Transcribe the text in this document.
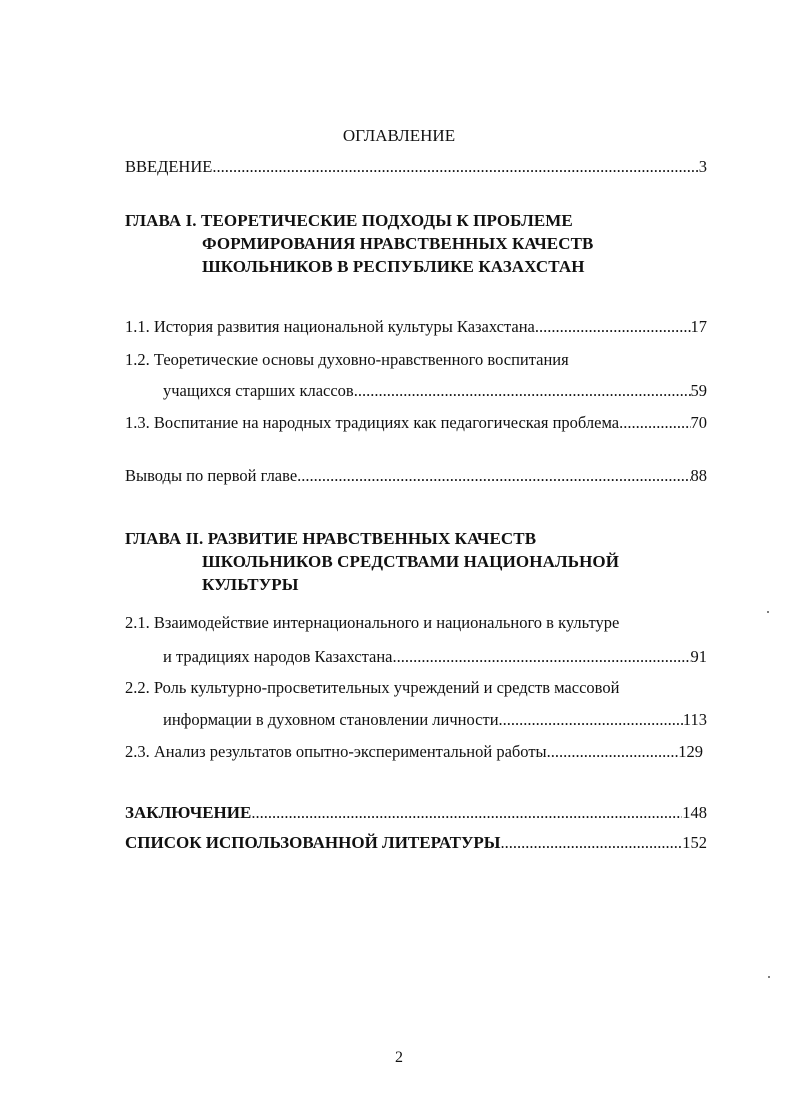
ОГЛАВЛЕНИЕ
ВВЕДЕНИЕ .....	3
ГЛАВА I. ТЕОРЕТИЧЕСКИЕ ПОДХОДЫ К ПРОБЛЕМЕ
ФОРМИРОВАНИЯ НРАВСТВЕННЫХ КАЧЕСТВ
ШКОЛЬНИКОВ В РЕСПУБЛИКЕ КАЗАХСТАН
1.1. История развития национальной культуры Казахстана .....	17
1.2. Теоретические основы духовно-нравственного воспитания
учащихся старших классов .....	59
1.3. Воспитание на народных традициях как педагогическая проблема .....	70
Выводы по первой главе .....	88
ГЛАВА II. РАЗВИТИЕ НРАВСТВЕННЫХ КАЧЕСТВ
ШКОЛЬНИКОВ СРЕДСТВАМИ НАЦИОНАЛЬНОЙ
КУЛЬТУРЫ
2.1. Взаимодействие интернационального и национального в культуре
и традициях народов Казахстана .....	91
2.2. Роль культурно-просветительных учреждений и средств массовой
информации в духовном становлении личности .....	113
2.3. Анализ результатов опытно-экспериментальной работы .....	129
ЗАКЛЮЧЕНИЕ .....	148
СПИСОК ИСПОЛЬЗОВАННОЙ ЛИТЕРАТУРЫ .....	152
2
